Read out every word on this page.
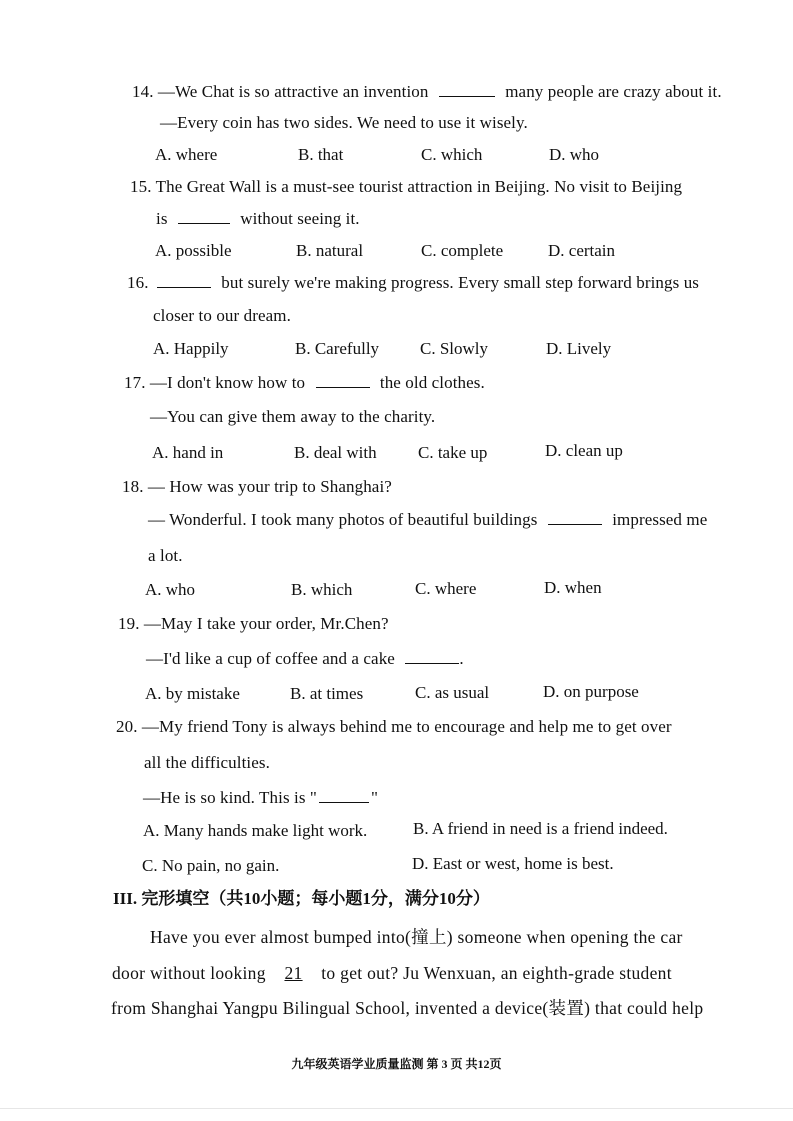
14. —We Chat is so attractive an invention	many people are crazy about it.
—Every coin has two sides. We need to use it wisely.
A. where	B. that	C. which	D. who
15. The Great Wall is a must-see tourist attraction in Beijing. No visit to Beijing
is	without seeing it.
A. possible	B. natural	C. complete	D. certain
16.	but surely we're making progress. Every small step forward brings us
closer to our dream.
A. Happily	B. Carefully C. Slowly	D. Lively
17. —I don't know how to	the old clothes.
—You can give them away to the charity.
A. hand in	B. deal with C. take up	D. clean up
18. — How was your trip to Shanghai?
— Wonderful. I took many photos of beautiful buildings	impressed me
a lot.
A. who	B. which	C. where	D. when
19. —May I take your order, Mr.Chen?
—I'd like a cup of coffee and a cake	.
A. by mistake	B. at times	C. as usual	D. on purpose
20. —My friend Tony is always behind me to encourage and help me to get over
all the difficulties.
—He is so kind. This is "	"
A. Many hands make light work.	B. A friend in need is a friend indeed.
C. No pain, no gain.	D. East or west, home is best.
III. 完形填空（共10小题；每小题1分，满分10分）
Have you ever almost bumped into(撞上) someone when opening the car
door without looking 21 to get out? Ju Wenxuan, an eighth-grade student
from Shanghai Yangpu Bilingual School, invented a device(装置) that could help
九年级英语学业质量监测 第 3 页 共12页
